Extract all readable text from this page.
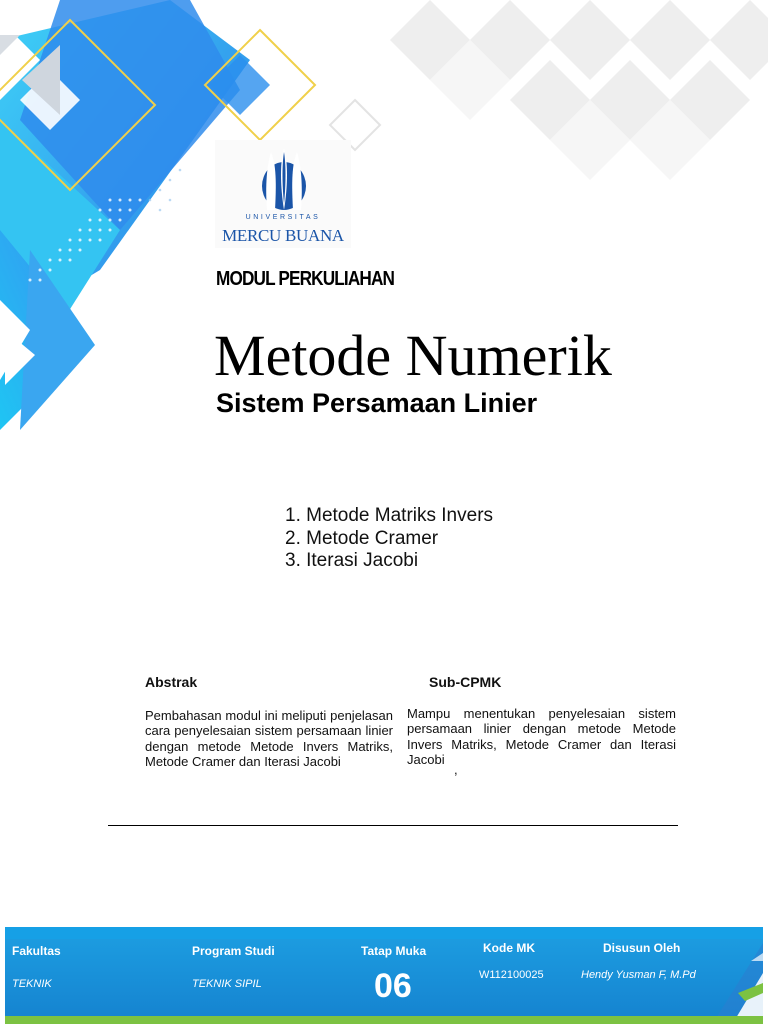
UNIVERSITAS
MERCU BUANA
MODUL PERKULIAHAN
Metode Numerik
Sistem Persamaan Linier
1. Metode Matriks Invers
2. Metode Cramer
3. Iterasi Jacobi
Abstrak	Sub-CPMK
Pembahasan modul ini meliputi penjelasan cara penyelesaian sistem persamaan linier dengan metode Metode Invers Matriks, Metode Cramer dan Iterasi Jacobi
Mampu menentukan penyelesaian sistem persamaan linier dengan metode Metode Invers Matriks, Metode Cramer dan Iterasi Jacobi
,
Fakultas
TEKNIK
Program Studi
TEKNIK SIPIL
Tatap Muka
06
Kode MK
W112100025
Disusun Oleh
Hendy Yusman F, M.Pd
